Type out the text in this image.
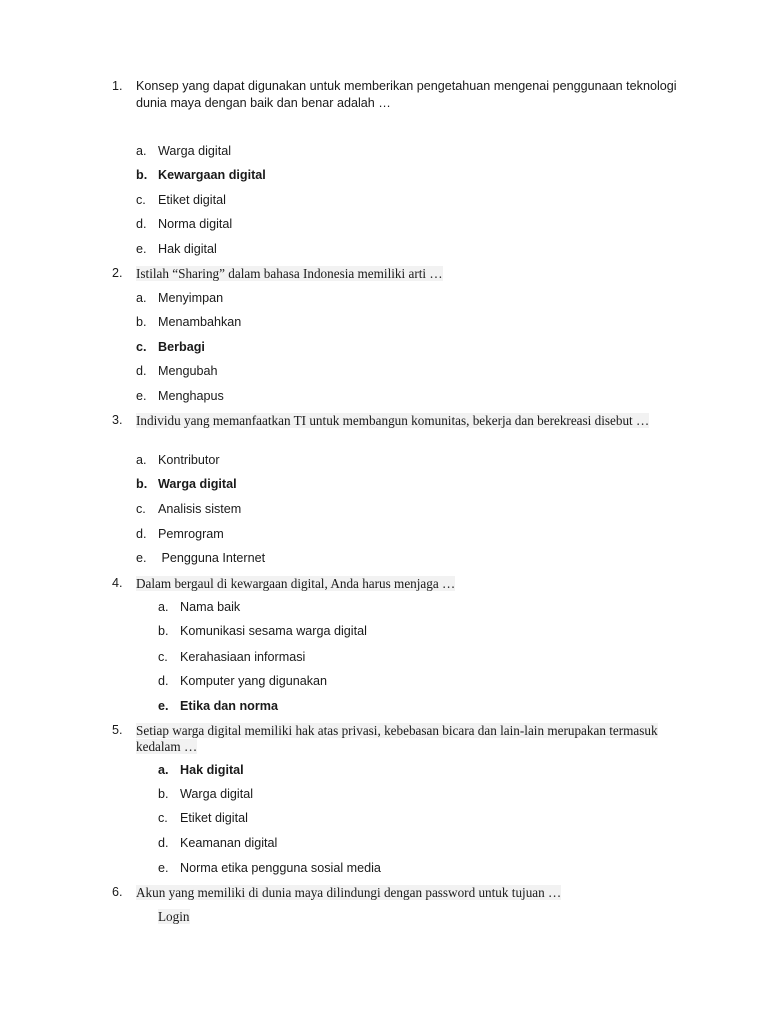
1.	Konsep yang dapat digunakan untuk memberikan pengetahuan mengenai penggunaan teknologi dunia maya dengan baik dan benar adalah …
a. Warga digital
b. Kewargaan digital
c. Etiket digital
d. Norma digital
e. Hak digital
2.	Istilah “Sharing” dalam bahasa Indonesia memiliki arti …
a. Menyimpan
b. Menambahkan
c. Berbagi
d. Mengubah
e. Menghapus
3.	Individu yang memanfaatkan TI untuk membangun komunitas, bekerja dan berekreasi disebut …
a. Kontributor
b. Warga digital
c. Analisis sistem
d. Pemrogram
e. Pengguna Internet
4.	Dalam bergaul di kewargaan digital, Anda harus menjaga …
a. Nama baik
b. Komunikasi sesama warga digital
c. Kerahasiaan informasi
d. Komputer yang digunakan
e. Etika dan norma
5.	Setiap warga digital memiliki hak atas privasi, kebebasan bicara dan lain-lain merupakan termasuk kedalam …
a. Hak digital
b. Warga digital
c. Etiket digital
d. Keamanan digital
e. Norma etika pengguna sosial media
6.	Akun yang memiliki di dunia maya dilindungi dengan password untuk tujuan …
Login
